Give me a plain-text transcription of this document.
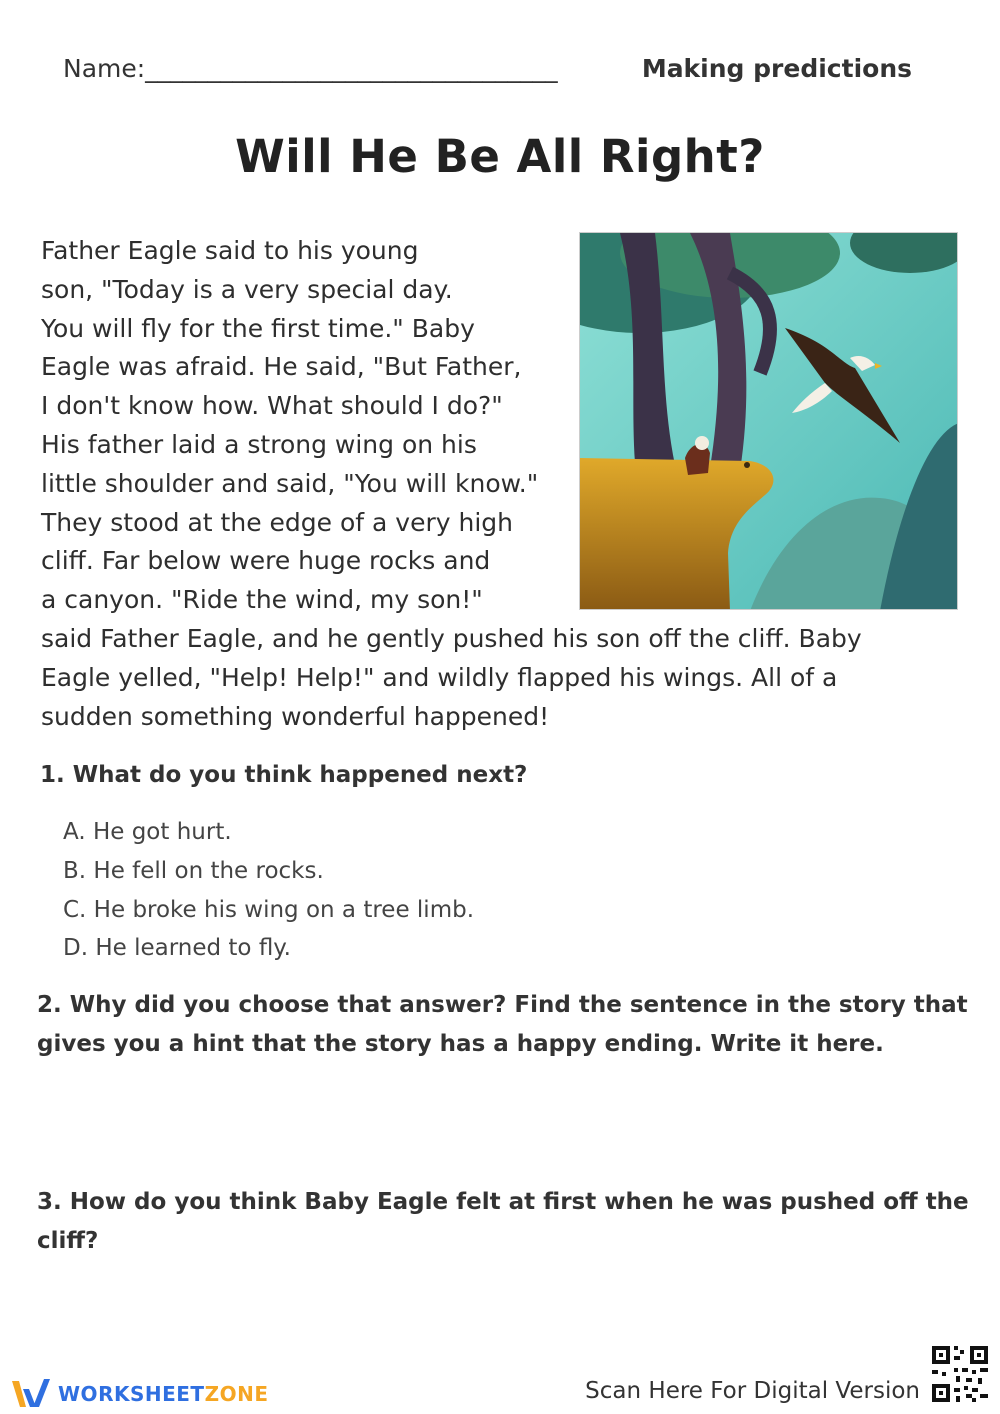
Name:_________________________________	Making predictions
Will He Be All Right?

Father Eagle said to his young

son, "Today is a very special day.

You will fly for the first time." Baby

Eagle was afraid. He said, "But Father,

I don't know how. What should I do?"

His father laid a strong wing on his

little shoulder and said, "You will know."

They stood at the edge of a very high

cliff. Far below were huge rocks and

a canyon. "Ride the wind, my son!"

said Father Eagle, and he gently pushed his son off the cliff. Baby

Eagle yelled, "Help! Help!" and wildly flapped his wings. All of a

sudden something wonderful happened!

1. What do you think happened next?

A. He got hurt.
B. He fell on the rocks.
C. He broke his wing on a tree limb.
D. He learned to fly.

2. Why did you choose that answer? Find the sentence in the story that

gives you a hint that the story has a happy ending. Write it here.

3. How do you think Baby Eagle felt at first when he was pushed off the

cliff?

WORKSHEETZONE	Scan Here For Digital Version
